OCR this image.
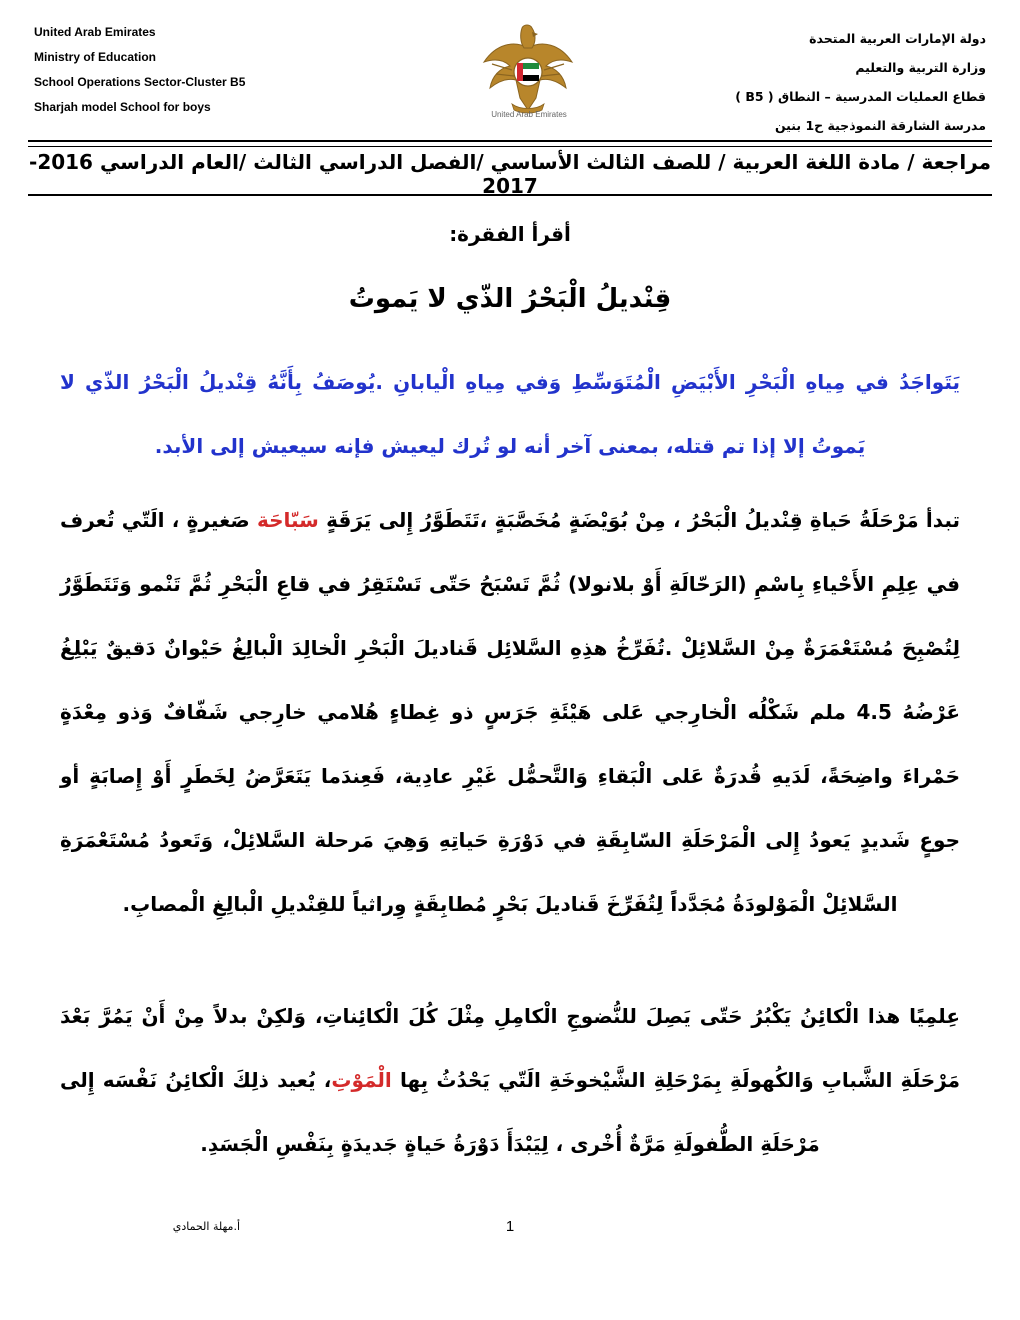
United Arab Emirates
Ministry of Education
School Operations Sector-Cluster B5
Sharjah model School for boys
United Arab Emirates
دولة الإمارات العربية المتحدة
وزارة التربية والتعليم
قطاع العمليات المدرسية – النطاق ( B5 )
مدرسة الشارقة النموذجية ح1 بنين
مراجعة / مادة اللغة العربية / للصف الثالث الأساسي /الفصل الدراسي الثالث /العام الدراسي 2016-2017
أقرأ الفقرة:
قِنْديلُ الْبَحْرُ الذّي لا يَموتُ
يَتَواجَدُ في مِياهِ الْبَحْرِ الأَبْيَضِ الْمُتَوَسِّطِ وَفي مِياهِ الْيابانِ .يُوصَفُ بِأَنَّهُ قِنْديلُ الْبَحْرُ الذّي لا يَموتُ إلا إذا تم قتله، بمعنى آخر أنه لو تُرك ليعيش فإنه سيعيش إلى الأبد.
تبدأ مَرْحَلَةُ حَياةِ قِنْديلُ الْبَحْرُ ، مِنْ بُوَيْضَةٍ مُخَصَّبَةٍ ،تَتَطَوَّرُ إِلى يَرَقَةٍ سَبّاحَة صَغيرةٍ ، الَتّي تُعرف في عِلِمِ الأَحْياءِ بِاسْمِ (الرَحّالَةِ أَوْ بلانولا) ثُمَّ تَسْبَحُ حَتّى تَسْتَقِرُ في قاعِ الْبَحْرِ ثُمَّ تَنْمو وَتَتَطَوَّرُ لِتُصْبِحَ مُسْتَعْمَرَةٌ مِنْ السَّلائِلْ .تُفَرِّخُ هذِهِ السَّلائِل قَناديلَ الْبَحْرِ الْخالِدَ الْبالِغُ حَيْوانٌ دَقيقٌ يَبْلِغُ عَرْضُهُ 4.5 ملم شَكْلُه الْخارِجي عَلى هَيْئَةِ جَرَسٍ ذو غِطاءٍ هُلامي خارِجي شَفّافٌ وَذو مِعْدَةٍ حَمْراءَ واضِحَةً، لَدَيهِ قُدرَةٌ عَلى الْبَقاءِ وَالتَّحمُّل غَيْرِ عادِية، فَعِندَما يَتَعَرَّضُ لِخَطَرٍ أَوْ إِصابَةٍ أو جوعٍ شَديدٍ يَعودُ إِلى الْمَرْحَلَةِ السّابِقَةِ في دَوْرَةِ حَياتِهِ وَهِيَ مَرحلة السَّلائِلْ، وَتَعودُ مُسْتَعْمَرَةِ السَّلائِلْ الْمَوْلودَةُ مُجَدَّداً لِتُفَرِّخَ قَناديلَ بَحْرٍ مُطابِقَةٍ وِراثياً للقِنْديلِ الْبالِغِ الْمصابِ.
عِلمِيًا هذا الْكائِنُ يَكْبُرُ حَتّى يَصِلَ للنُّضوجِ الْكامِلِ مِثْلَ كُلَ الْكائِناتِ، وَلكِنْ بدلاً مِنْ أَنْ يَمُرَّ بَعْدَ مَرْحَلَةِ الشَّبابِ وَالكُهولَةِ بِمَرْحَلِةِ الشَّيْخوخَةِ الَتّي يَحْدُثُ بِها الْمَوْتِ، يُعيد ذلِكَ الْكائِنُ نَفْسَه إِلى مَرْحَلَةِ الطُّفولَةِ مَرَّةٌ أُخْرى ، لِيَبْدَأَ دَوْرَةُ حَياةٍ جَديدَةٍ بِنَفْسِ الْجَسَدِ.
1
أ.مهلة الحمادي
